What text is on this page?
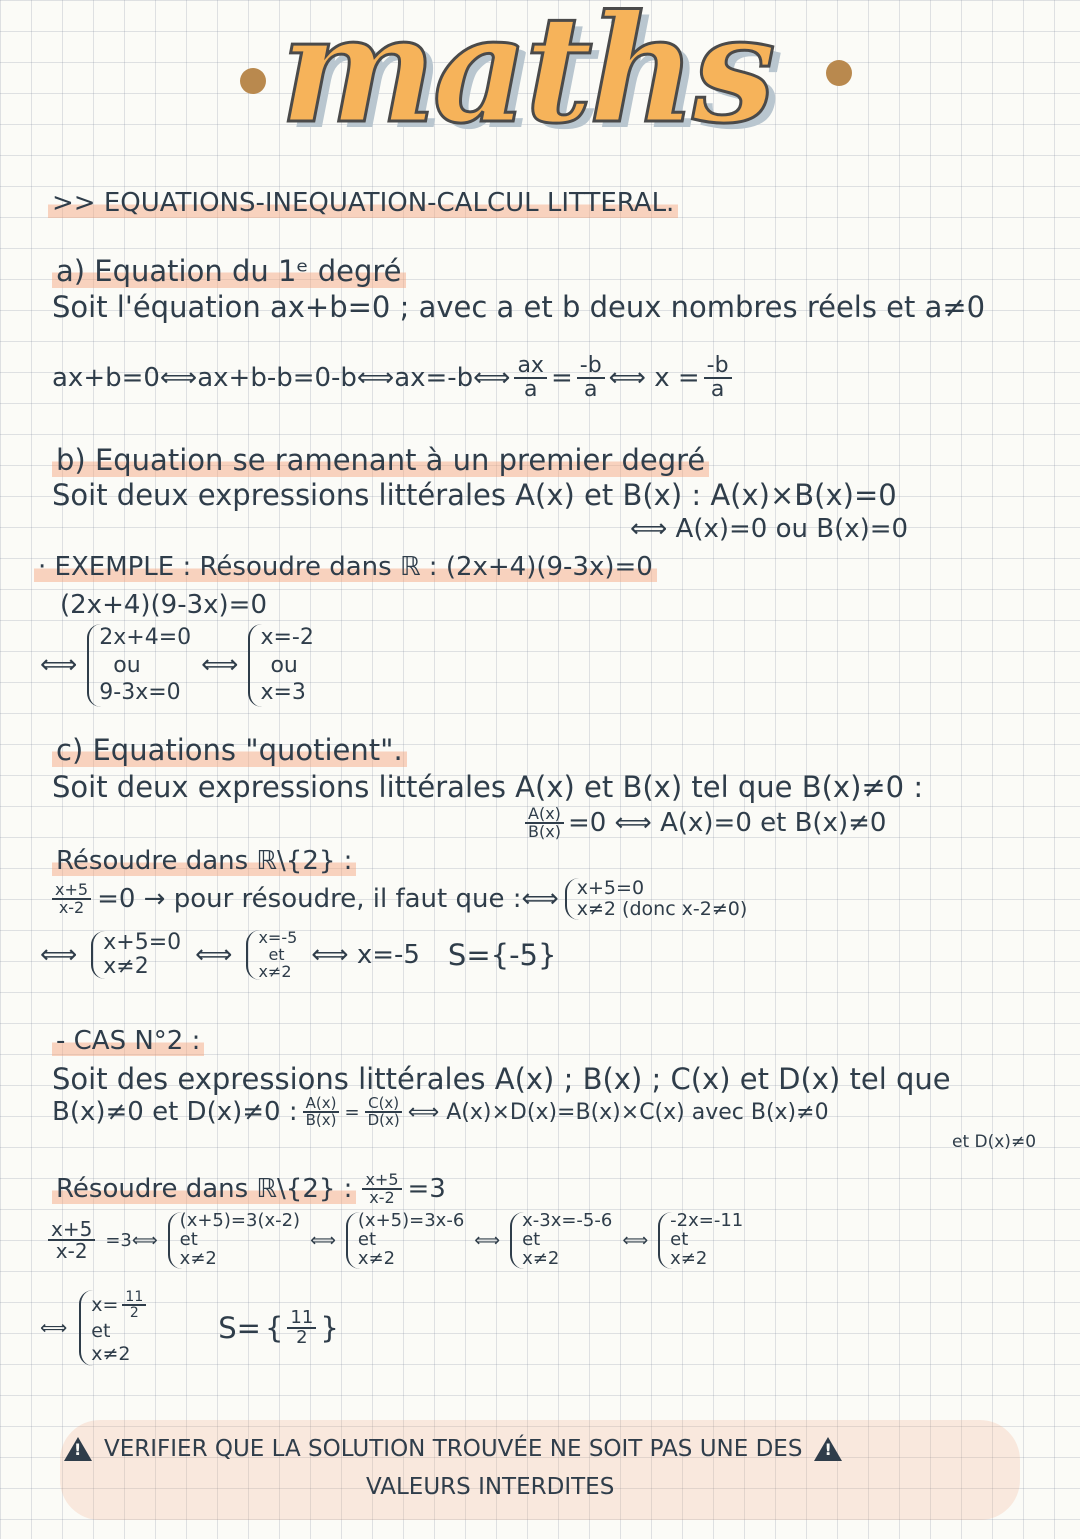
maths
>> EQUATIONS-INEQUATION-CALCUL LITTERAL.
a) Equation du 1ᵉ degré
Soit l'équation ax+b=0 ; avec a et b deux nombres réels et a≠0
ax+b=0⟺ax+b-b=0-b⟺ax=-b⟺ $\frac{ax}{a} = \frac{-b}{a}$ ⟺ $x = \frac{-b}{a}$
b) Equation se ramenant à un premier degré
Soit deux expressions littérales A(x) et B(x) : A(x)×B(x)=0
⟺ A(x)=0 ou B(x)=0
· EXEMPLE : Résoudre dans ℝ : (2x+4)(9-3x)=0
(2x+4)(9-3x)=0
⟺
2x+4=0
ou
9-3x=0
⟺
x=-2
ou
x=3
c) Equations "quotient".
Soit deux expressions littérales A(x) et B(x) tel que B(x)≠0 :
$\frac{A(x)}{B(x)} =0$ ⟺ A(x)=0 et B(x)≠0
Résoudre dans ℝ\{2} :
$\frac{x+5}{x-2} =0$ → pour résoudre, il faut que :⟺ x+5=0
x≠2 (donc x-2≠0)
⟺ x+5=0
x≠2	⟺
x=-5
et
x≠2
⟺ x=-5 S={-5}
- CAS N°2 :
Soit des expressions littérales A(x) ; B(x) ; C(x) et D(x) tel que
B(x)≠0 et D(x)≠0 : $\frac{A(x)}{B(x)} = \frac{C(x)}{D(x)}$ ⟺ A(x)×D(x)=B(x)×C(x) avec B(x)≠0
et D(x)≠0
Résoudre dans ℝ\{2} : $\frac{x+5}{x-2} =3$
$\frac{x+5}{x-2}$ =3⟺
(x+5)=3(x-2)
et
x≠2
⟺
(x+5)=3x-6
et
x≠2
⟺
x-3x=-5-6
et
x≠2
⟺
-2x=-11
et
x≠2
⟺
$x= \frac{11}{2}$
et
x≠2
S= { $\frac{11}{2}$ }
!
VERIFIER QUE LA SOLUTION TROUVÉE NE SOIT PAS UNE DES
!
VALEURS INTERDITES
